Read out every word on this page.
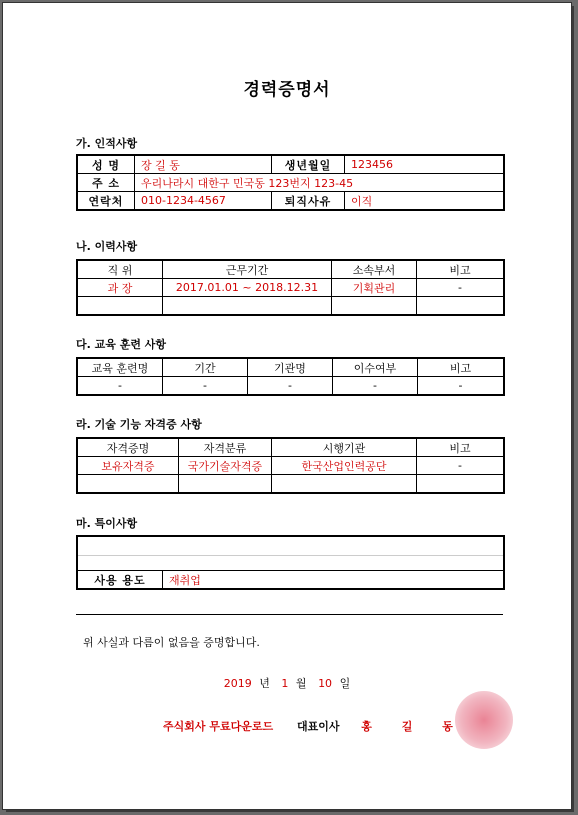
경력증명서
가. 인적사항
성 명	장 길 동	생년월일	123456
주 소	우리나라시 대한구 민국동 123번지 123-45		
연락처	010-1234-4567	퇴직사유	이직
나. 이력사항
직 위	근무기간	소속부서	비고
과 장	2017.01.01 ~ 2018.12.31	기획관리	-

다. 교육 훈련 사항
교육 훈련명	기간	기관명	이수여부	비고
-	-	-	-	-
라. 기술 기능 자격증 사항
자격증명	자격분류	시행기관	비고
보유자격증	국가기술자격증	한국산업인력공단	-

마. 특이사항

사용 용도	재취업
위 사실과 다름이 없음을 증명합니다.
2019 년 1 월 10 일
주식회사 무료다운로드 대표이사 홍	길	동
